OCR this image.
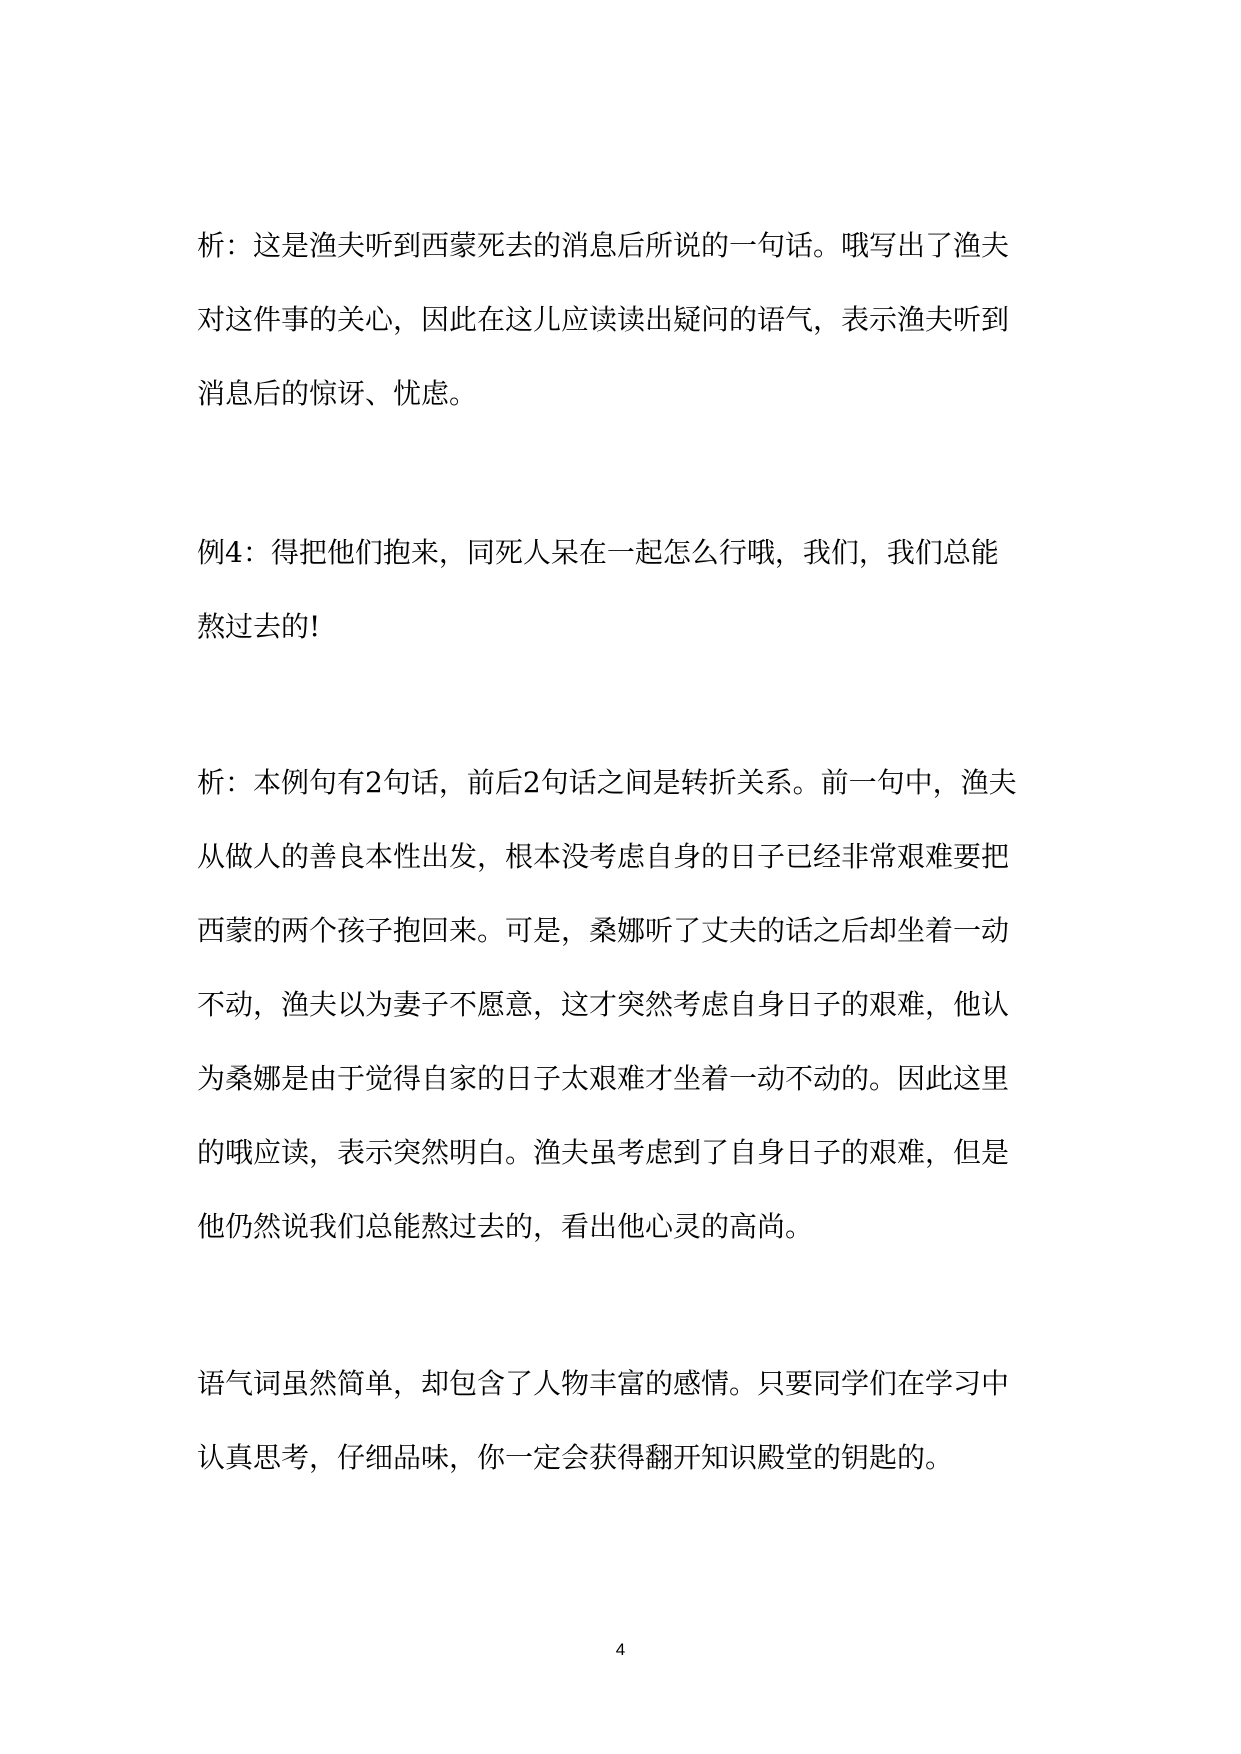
析：这是渔夫听到西蒙死去的消息后所说的一句话。哦写出了渔夫
对这件事的关心，因此在这儿应读读出疑问的语气，表示渔夫听到
消息后的惊讶、忧虑。
例4：得把他们抱来，同死人呆在一起怎么行哦，我们，我们总能
熬过去的!
析：本例句有2句话，前后2句话之间是转折关系。前一句中，渔夫
从做人的善良本性出发，根本没考虑自身的日子已经非常艰难要把
西蒙的两个孩子抱回来。可是，桑娜听了丈夫的话之后却坐着一动
不动，渔夫以为妻子不愿意，这才突然考虑自身日子的艰难，他认
为桑娜是由于觉得自家的日子太艰难才坐着一动不动的。因此这里
的哦应读，表示突然明白。渔夫虽考虑到了自身日子的艰难，但是
他仍然说我们总能熬过去的，看出他心灵的高尚。
语气词虽然简单，却包含了人物丰富的感情。只要同学们在学习中
认真思考，仔细品味，你一定会获得翻开知识殿堂的钥匙的。
4
